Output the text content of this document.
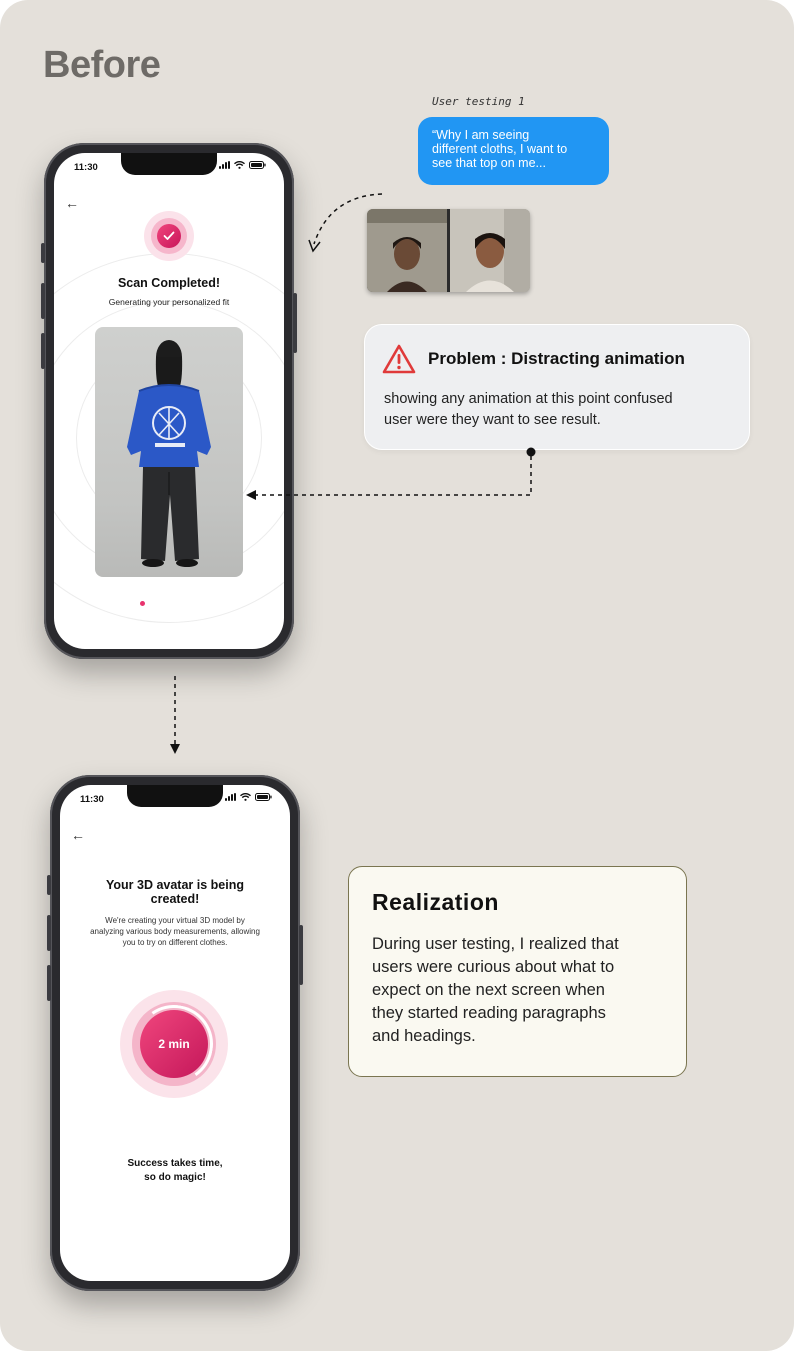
Before
11:30
←
Scan Completed!
Generating your personalized fit
11:30
←
Your 3D avatar is being
created!
We're creating your virtual 3D model by
analyzing various body measurements, allowing
you to try on different clothes.
2 min
Success takes time,
so do magic!
User testing 1
“Why I am seeing
different cloths, I want to
see that top on me...
Problem : Distracting animation
showing any animation at this point confused
user were they want to see result.
Realization
During user testing, I realized that
users were curious about what to
expect on the next screen when
they started reading paragraphs
and headings.
